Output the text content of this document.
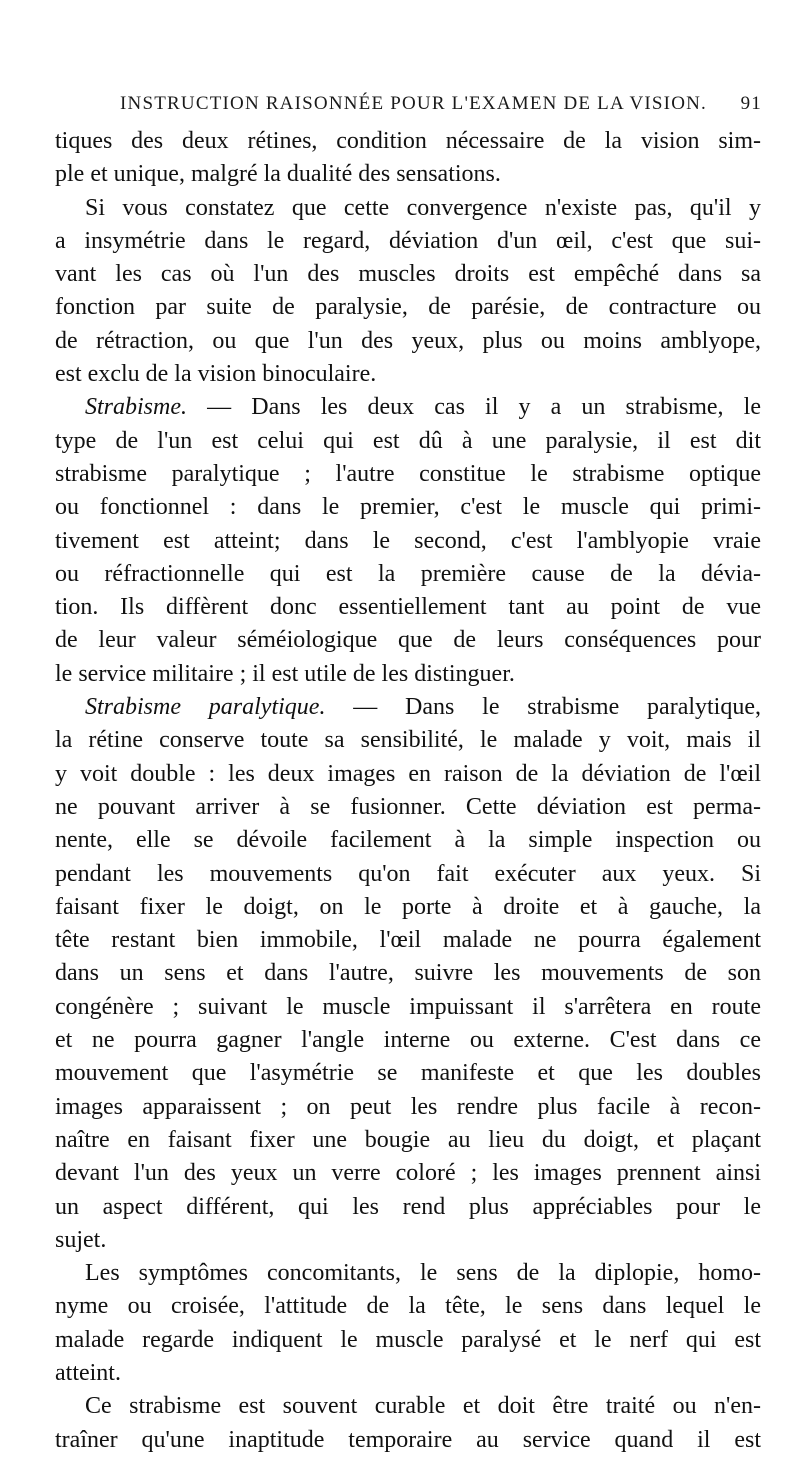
INSTRUCTION RAISONNÉE POUR L'EXAMEN DE LA VISION. 91
tiques des deux rétines, condition nécessaire de la vision sim-
ple et unique, malgré la dualité des sensations.
Si vous constatez que cette convergence n'existe pas, qu'il y
a insymétrie dans le regard, déviation d'un œil, c'est que sui-
vant les cas où l'un des muscles droits est empêché dans sa
fonction par suite de paralysie, de parésie, de contracture ou
de rétraction, ou que l'un des yeux, plus ou moins amblyope,
est exclu de la vision binoculaire.
Strabisme. — Dans les deux cas il y a un strabisme, le
type de l'un est celui qui est dû à une paralysie, il est dit
strabisme paralytique ; l'autre constitue le strabisme optique
ou fonctionnel : dans le premier, c'est le muscle qui primi-
tivement est atteint; dans le second, c'est l'amblyopie vraie
ou réfractionnelle qui est la première cause de la dévia-
tion. Ils diffèrent donc essentiellement tant au point de vue
de leur valeur séméiologique que de leurs conséquences pour
le service militaire ; il est utile de les distinguer.
Strabisme paralytique. — Dans le strabisme paralytique,
la rétine conserve toute sa sensibilité, le malade y voit, mais il
y voit double : les deux images en raison de la déviation de l'œil
ne pouvant arriver à se fusionner. Cette déviation est perma-
nente, elle se dévoile facilement à la simple inspection ou
pendant les mouvements qu'on fait exécuter aux yeux. Si
faisant fixer le doigt, on le porte à droite et à gauche, la
tête restant bien immobile, l'œil malade ne pourra également
dans un sens et dans l'autre, suivre les mouvements de son
congénère ; suivant le muscle impuissant il s'arrêtera en route
et ne pourra gagner l'angle interne ou externe. C'est dans ce
mouvement que l'asymétrie se manifeste et que les doubles
images apparaissent ; on peut les rendre plus facile à recon-
naître en faisant fixer une bougie au lieu du doigt, et plaçant
devant l'un des yeux un verre coloré ; les images prennent ainsi
un aspect différent, qui les rend plus appréciables pour le
sujet.
Les symptômes concomitants, le sens de la diplopie, homo-
nyme ou croisée, l'attitude de la tête, le sens dans lequel le
malade regarde indiquent le muscle paralysé et le nerf qui est
atteint.
Ce strabisme est souvent curable et doit être traité ou n'en-
traîner qu'une inaptitude temporaire au service quand il est
